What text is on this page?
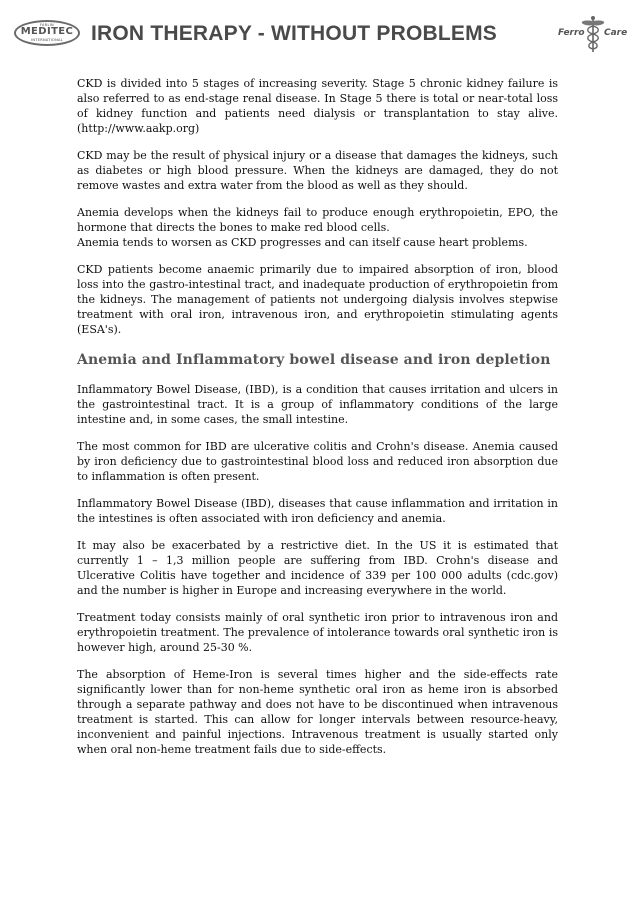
FARLIN
MEDITEC
INTERNATIONAL	IRON THERAPY - WITHOUT PROBLEMS	Ferro Care

CKD is divided into 5 stages of increasing severity. Stage 5 chronic kidney failure is also referred to as end-stage renal disease. In Stage 5 there is total or near-total loss of kidney function and patients need dialysis or transplantation to stay alive. (http://www.aakp.org)

CKD may be the result of physical injury or a disease that damages the kidneys, such as diabetes or high blood pressure. When the kidneys are damaged, they do not remove wastes and extra water from the blood as well as they should.

Anemia develops when the kidneys fail to produce enough erythropoietin, EPO, the hormone that directs the bones to make red blood cells.
Anemia tends to worsen as CKD progresses and can itself cause heart problems.

CKD patients become anaemic primarily due to impaired absorption of iron, blood loss into the gastro-intestinal tract, and inadequate production of erythropoietin from the kidneys. The management of patients not undergoing dialysis involves stepwise treatment with oral iron, intravenous iron, and erythropoietin stimulating agents (ESA's).

Anemia and Inflammatory bowel disease and iron depletion

Inflammatory Bowel Disease, (IBD), is a condition that causes irritation and ulcers in the gastrointestinal tract. It is a group of inflammatory conditions of the large intestine and, in some cases, the small intestine.

The most common for IBD are ulcerative colitis and Crohn's disease. Anemia caused by iron deficiency due to gastrointestinal blood loss and reduced iron absorption due to inflammation is often present.

Inflammatory Bowel Disease (IBD), diseases that cause inflammation and irritation in the intestines is often associated with iron deficiency and anemia.

It may also be exacerbated by a restrictive diet. In the US it is estimated that currently 1 – 1,3 million people are suffering from IBD. Crohn's disease and Ulcerative Colitis have together and incidence of 339 per 100 000 adults (cdc.gov) and the number is higher in Europe and increasing everywhere in the world.

Treatment today consists mainly of oral synthetic iron prior to intravenous iron and erythropoietin treatment. The prevalence of intolerance towards oral synthetic iron is however high, around 25-30 %.

The absorption of Heme-Iron is several times higher and the side-effects rate significantly lower than for non-heme synthetic oral iron as heme iron is absorbed through a separate pathway and does not have to be discontinued when intravenous treatment is started. This can allow for longer intervals between resource-heavy, inconvenient and painful injections. Intravenous treatment is usually started only when oral non-heme treatment fails due to side-effects.
